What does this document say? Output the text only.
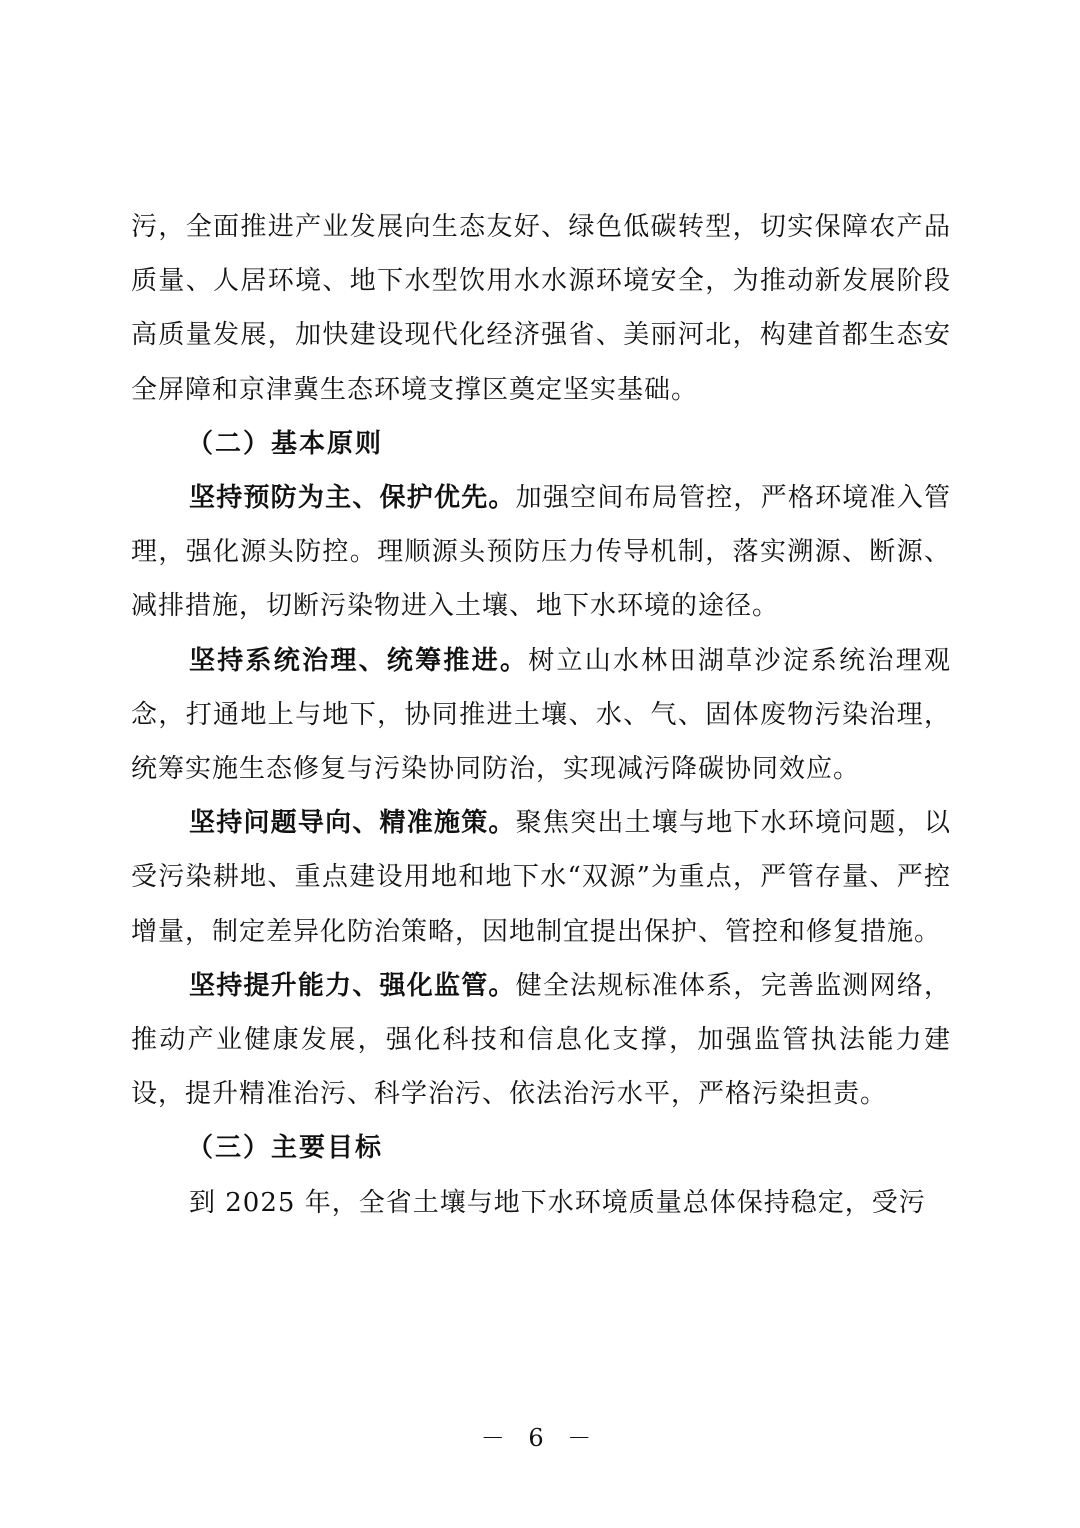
污，全面推进产业发展向生态友好、绿色低碳转型，切实保障农产品质量、人居环境、地下水型饮用水水源环境安全，为推动新发展阶段高质量发展，加快建设现代化经济强省、美丽河北，构建首都生态安全屏障和京津冀生态环境支撑区奠定坚实基础。

（二）基本原则

坚持预防为主、保护优先。加强空间布局管控，严格环境准入管理，强化源头防控。理顺源头预防压力传导机制，落实溯源、断源、减排措施，切断污染物进入土壤、地下水环境的途径。

坚持系统治理、统筹推进。树立山水林田湖草沙淀系统治理观念，打通地上与地下，协同推进土壤、水、气、固体废物污染治理，统筹实施生态修复与污染协同防治，实现减污降碳协同效应。

坚持问题导向、精准施策。聚焦突出土壤与地下水环境问题，以受污染耕地、重点建设用地和地下水“双源”为重点，严管存量、严控增量，制定差异化防治策略，因地制宜提出保护、管控和修复措施。

坚持提升能力、强化监管。健全法规标准体系，完善监测网络，推动产业健康发展，强化科技和信息化支撑，加强监管执法能力建设，提升精准治污、科学治污、依法治污水平，严格污染担责。

（三）主要目标

到 2025 年，全省土壤与地下水环境质量总体保持稳定，受污

－ 6 －
